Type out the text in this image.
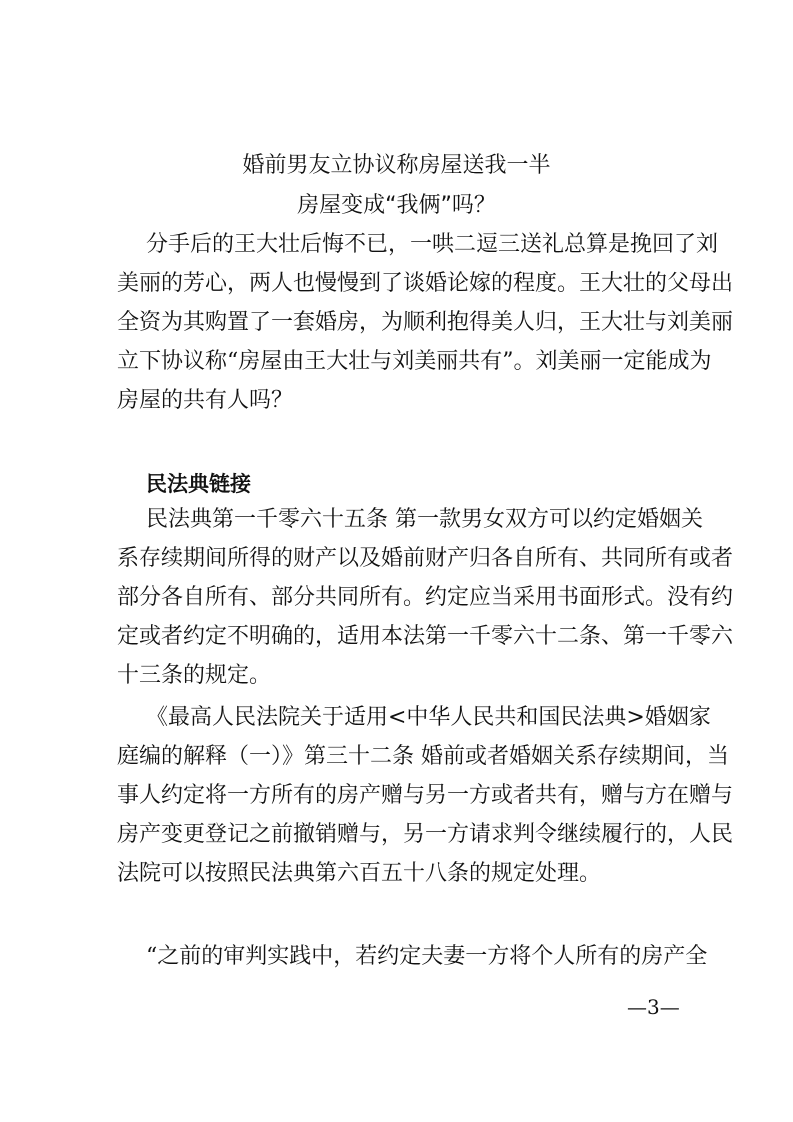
婚前男友立协议称房屋送我一半
房屋变成“我俩”吗？

分手后的王大壮后悔不已，一哄二逗三送礼总算是挽回了刘

美丽的芳心，两人也慢慢到了谈婚论嫁的程度。王大壮的父母出

全资为其购置了一套婚房，为顺利抱得美人归，王大壮与刘美丽

立下协议称“房屋由王大壮与刘美丽共有”。刘美丽一定能成为

房屋的共有人吗？

民法典链接

民法典第一千零六十五条 第一款男女双方可以约定婚姻关

系存续期间所得的财产以及婚前财产归各自所有、共同所有或者

部分各自所有、部分共同所有。约定应当采用书面形式。没有约

定或者约定不明确的，适用本法第一千零六十二条、第一千零六

十三条的规定。

《最高人民法院关于适用<中华人民共和国民法典>婚姻家

庭编的解释（一）》第三十二条 婚前或者婚姻关系存续期间，当

事人约定将一方所有的房产赠与另一方或者共有，赠与方在赠与

房产变更登记之前撤销赠与，另一方请求判令继续履行的，人民

法院可以按照民法典第六百五十八条的规定处理。

“之前的审判实践中，若约定夫妻一方将个人所有的房产全

—3—
